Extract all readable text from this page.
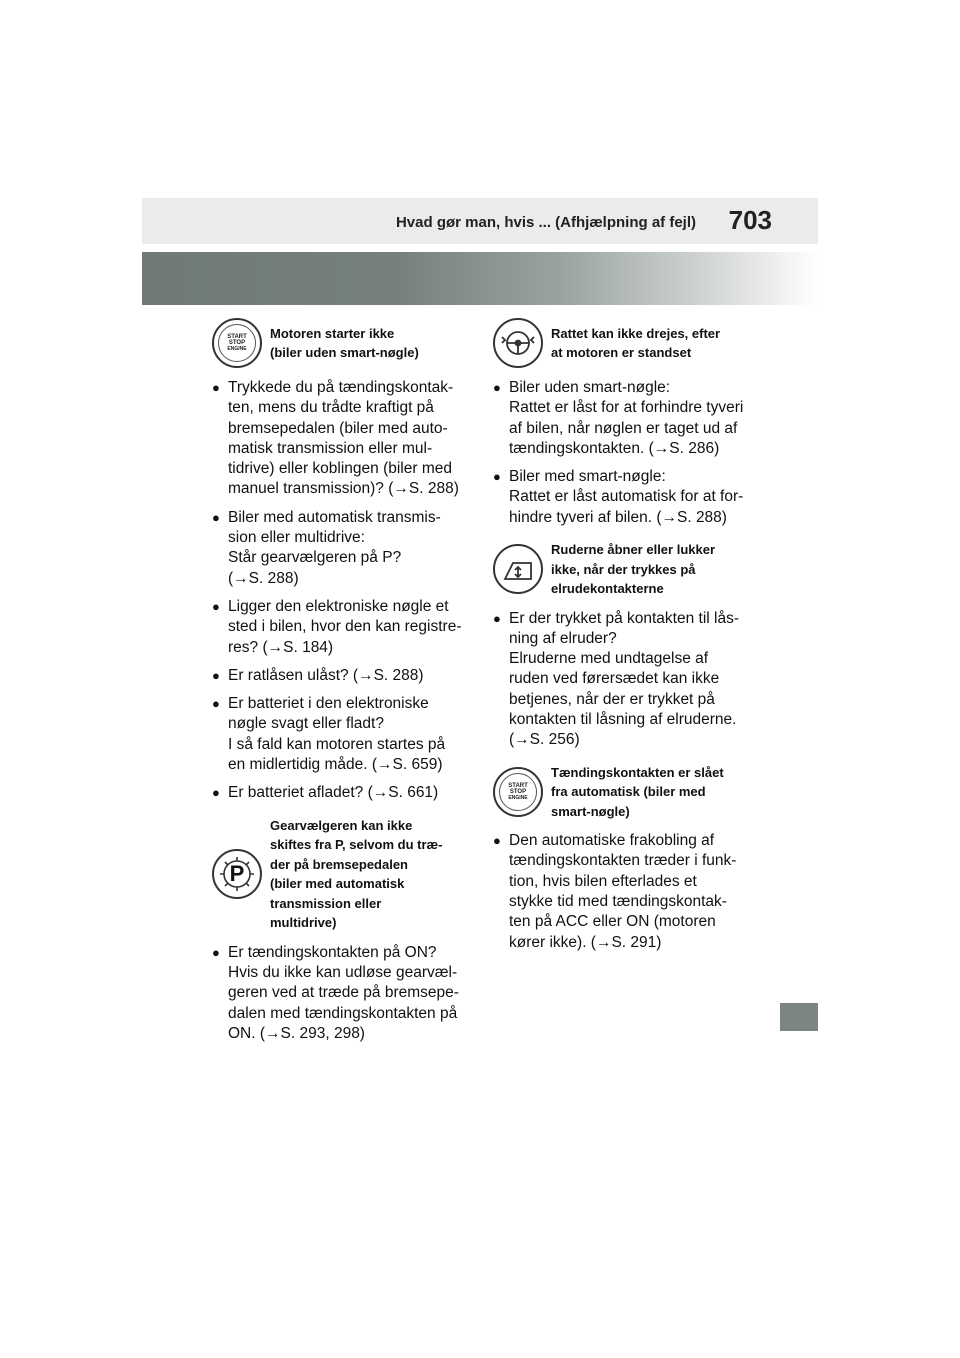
Hvad gør man, hvis ... (Afhjælpning af fejl) 703
START
STOP
ENGINE
Motoren starter ikke
(biler uden smart-nøgle)
● Trykkede du på tændingskontak-
ten, mens du trådte kraftigt på
bremsepedalen (biler med auto-
matisk transmission eller mul-
tidrive) eller koblingen (biler med
manuel transmission)? (→S. 288)
● Biler med automatisk transmis-
sion eller multidrive:
Står gearvælgeren på P?
(→S. 288)
● Ligger den elektroniske nøgle et
sted i bilen, hvor den kan registre-
res? (→S. 184)
● Er ratlåsen ulåst? (→S. 288)
● Er batteriet i den elektroniske
nøgle svagt eller fladt?
I så fald kan motoren startes på
en midlertidig måde. (→S. 659)
● Er batteriet afladet? (→S. 661)
P
Gearvælgeren kan ikke
skiftes fra P, selvom du træ-
der på bremsepedalen
(biler med automatisk
transmission eller
multidrive)
● Er tændingskontakten på ON?
Hvis du ikke kan udløse gearvæl-
geren ved at træde på bremsepe-
dalen med tændingskontakten på
ON. (→S. 293, 298)
Rattet kan ikke drejes, efter
at motoren er standset
● Biler uden smart-nøgle:
Rattet er låst for at forhindre tyveri
af bilen, når nøglen er taget ud af
tændingskontakten. (→S. 286)
● Biler med smart-nøgle:
Rattet er låst automatisk for at for-
hindre tyveri af bilen. (→S. 288)
Ruderne åbner eller lukker
ikke, når der trykkes på
elrudekontakterne
● Er der trykket på kontakten til lås-
ning af elruder?
Elruderne med undtagelse af
ruden ved førersædet kan ikke
betjenes, når der er trykket på
kontakten til låsning af elruderne.
(→S. 256)
START
STOP
ENGINE
Tændingskontakten er slået
fra automatisk (biler med
smart-nøgle)
● Den automatiske frakobling af
tændingskontakten træder i funk-
tion, hvis bilen efterlades et
stykke tid med tændingskontak-
ten på ACC eller ON (motoren
kører ikke). (→S. 291)
